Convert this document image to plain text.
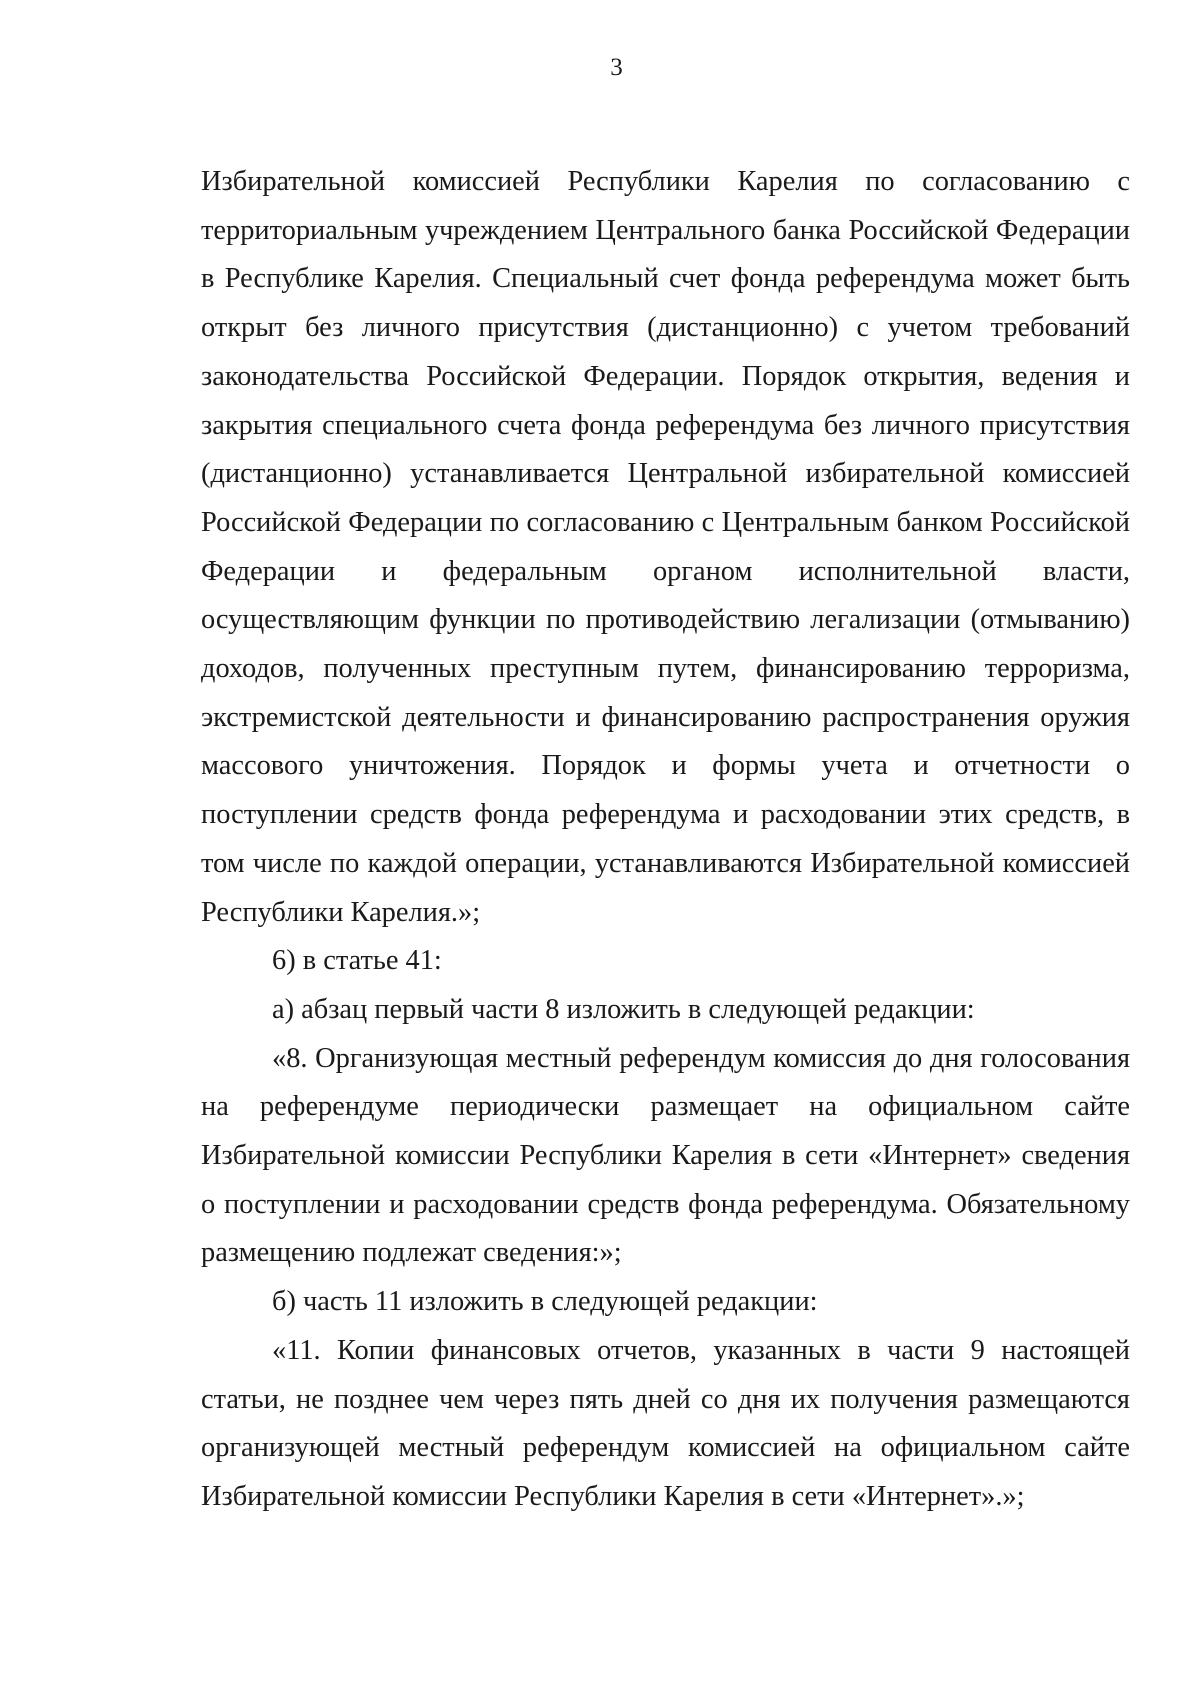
3

Избирательной комиссией Республики Карелия по согласованию с территориальным учреждением Центрального банка Российской Федерации в Республике Карелия. Специальный счет фонда референдума может быть открыт без личного присутствия (дистанционно) с учетом требований законодательства Российской Федерации. Порядок открытия, ведения и закрытия специального счета фонда референдума без личного присутствия (дистанционно) устанавливается Центральной избирательной комиссией Российской Федерации по согласованию с Центральным банком Российской Федерации и федеральным органом исполнительной власти, осуществляющим функции по противодействию легализации (отмыванию) доходов, полученных преступным путем, финансированию терроризма, экстремистской деятельности и финансированию распространения оружия массового уничтожения. Порядок и формы учета и отчетности о поступлении средств фонда референдума и расходовании этих средств, в том числе по каждой операции, устанавливаются Избирательной комиссией Республики Карелия.»;

6) в статье 41:

а) абзац первый части 8 изложить в следующей редакции:

«8. Организующая местный референдум комиссия до дня голосования на референдуме периодически размещает на официальном сайте Избирательной комиссии Республики Карелия в сети «Интернет» сведения о поступлении и расходовании средств фонда референдума. Обязательному размещению подлежат сведения:»;

б) часть 11 изложить в следующей редакции:

«11. Копии финансовых отчетов, указанных в части 9 настоящей статьи, не позднее чем через пять дней со дня их получения размещаются организующей местный референдум комиссией на официальном сайте Избирательной комиссии Республики Карелия в сети «Интернет».»;
